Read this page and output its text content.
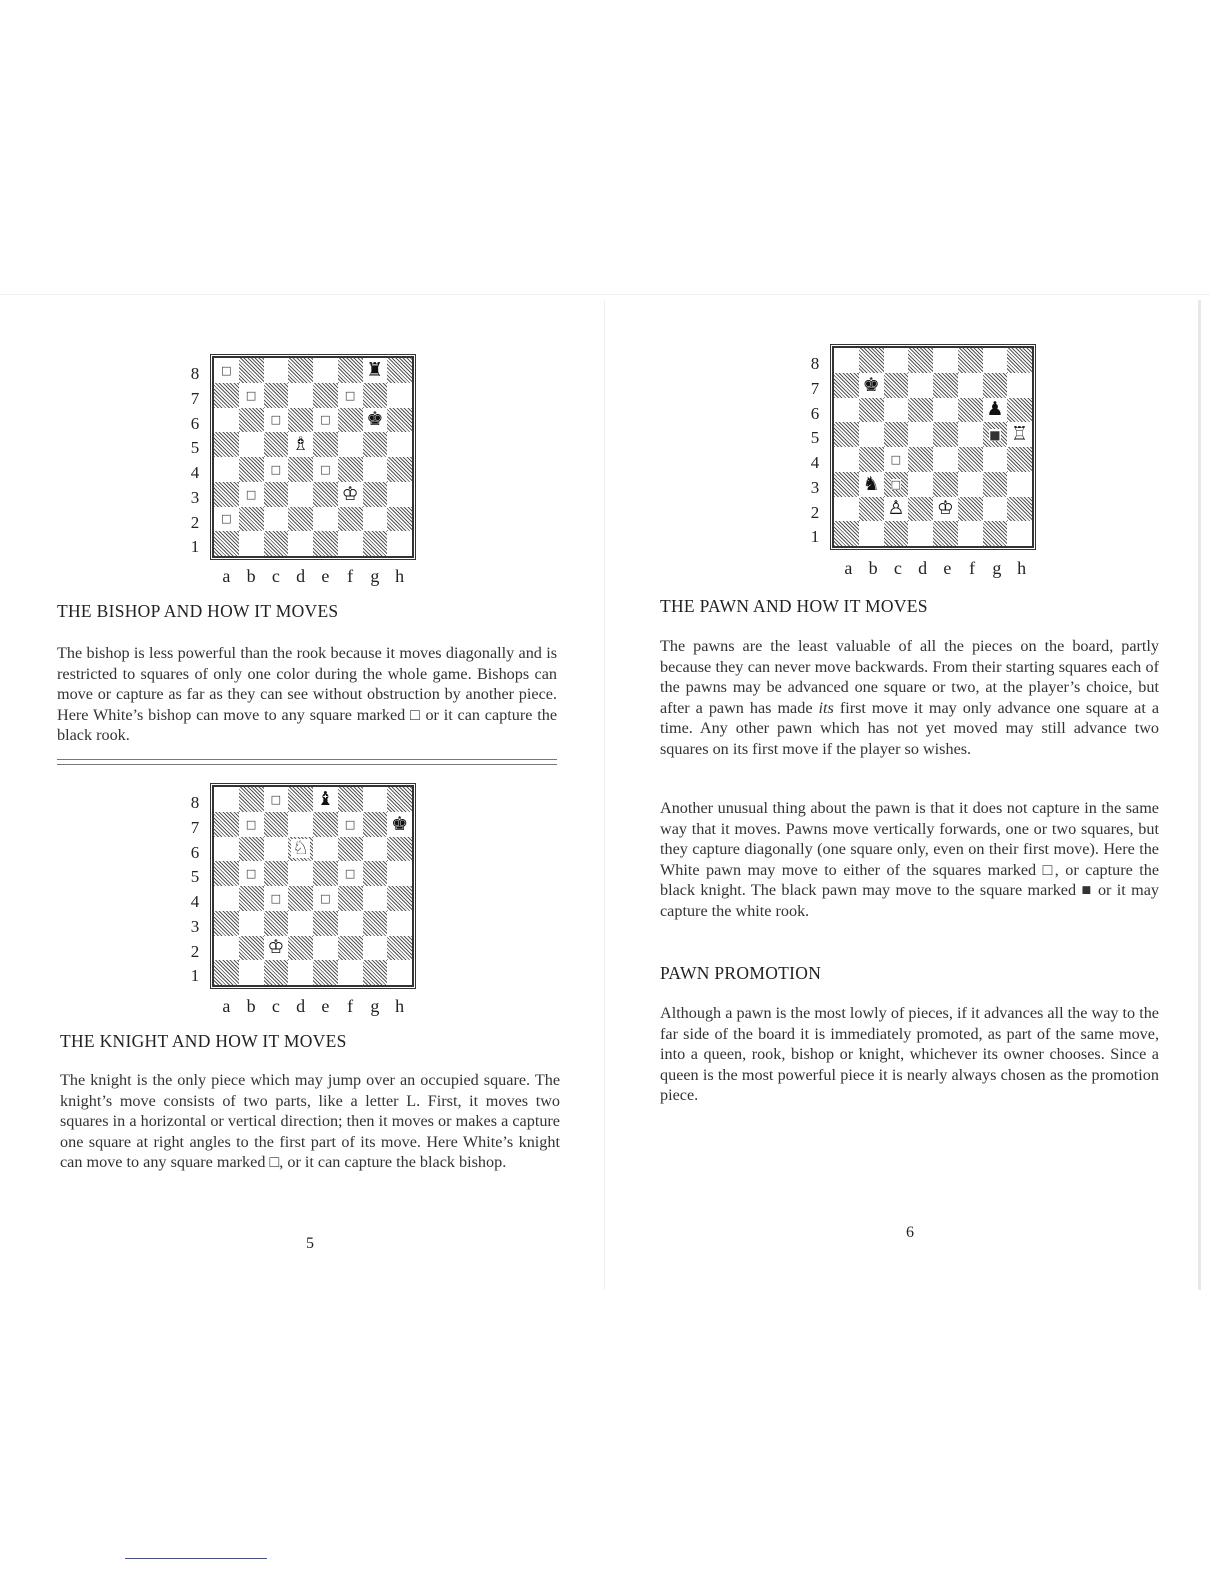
8
7
6
5
4
3
2
1
□	♜
□	□
□	□ ♚
♗
□	□
□	♔
□
a b c d e f g h
THE BISHOP AND HOW IT MOVES

The bishop is less powerful than the rook because it moves diagonally and is restricted to squares of only one color during the whole game. Bishops can move or capture as far as they can see without obstruction by another piece. Here White’s bishop can move to any square marked □ or it can capture the black rook.

8
7
6
5
4
3
2
1
□ ♝
□	□ ♚
♘
□	□
□	□
♔
a b c d e f g h
THE KNIGHT AND HOW IT MOVES

The knight is the only piece which may jump over an occupied square. The knight’s move consists of two parts, like a letter L. First, it moves two squares in a horizontal or vertical direction; then it moves or makes a capture one square at right angles to the first part of its move. Here White’s knight can move to any square marked □, or it can capture the black bishop.

5
8
7
6
5
4
3
2
1
♚
♟
■ ♖
□
♞ □
♙ ♔
a b c d e f g h
THE PAWN AND HOW IT MOVES

The pawns are the least valuable of all the pieces on the board, partly because they can never move backwards. From their starting squares each of the pawns may be advanced one square or two, at the player’s choice, but after a pawn has made its first move it may only advance one square at a time. Any other pawn which has not yet moved may still advance two squares on its first move if the player so wishes.

Another unusual thing about the pawn is that it does not capture in the same way that it moves. Pawns move vertically forwards, one or two squares, but they capture diagonally (one square only, even on their first move). Here the White pawn may move to either of the squares marked □, or capture the black knight. The black pawn may move to the square marked ■ or it may capture the white rook.

PAWN PROMOTION

Although a pawn is the most lowly of pieces, if it advances all the way to the far side of the board it is immediately promoted, as part of the same move, into a queen, rook, bishop or knight, whichever its owner chooses. Since a queen is the most powerful piece it is nearly always chosen as the promotion piece.

6
